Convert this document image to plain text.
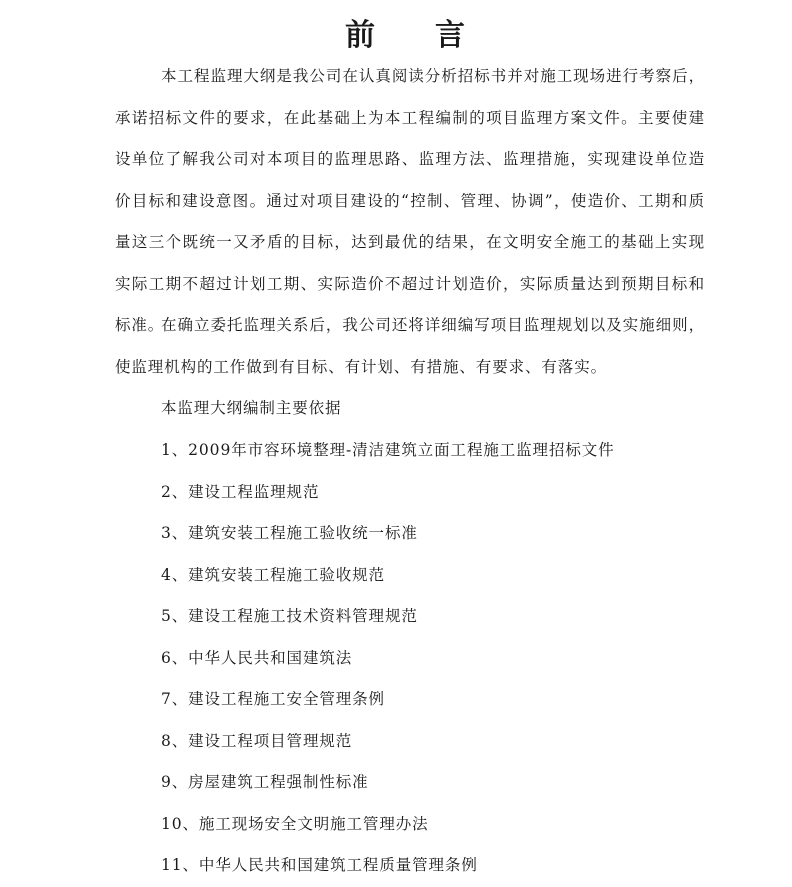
前 言

本工程监理大纲是我公司在认真阅读分析招标书并对施工现场进行考察后，承诺招标文件的要求，在此基础上为本工程编制的项目监理方案文件。主要使建设单位了解我公司对本项目的监理思路、监理方法、监理措施，实现建设单位造价目标和建设意图。通过对项目建设的“控制、管理、协调”，使造价、工期和质量这三个既统一又矛盾的目标，达到最优的结果，在文明安全施工的基础上实现实际工期不超过计划工期、实际造价不超过计划造价，实际质量达到预期目标和标准。

在确立委托监理关系后，我公司还将详细编写项目监理规划以及实施细则，使监理机构的工作做到有目标、有计划、有措施、有要求、有落实。

本监理大纲编制主要依据

1、2009年市容环境整理-清洁建筑立面工程施工监理招标文件
2、建设工程监理规范
3、建筑安装工程施工验收统一标准
4、建筑安装工程施工验收规范
5、建设工程施工技术资料管理规范
6、中华人民共和国建筑法
7、建设工程施工安全管理条例
8、建设工程项目管理规范
9、房屋建筑工程强制性标准
10、施工现场安全文明施工管理办法
11、中华人民共和国建筑工程质量管理条例
